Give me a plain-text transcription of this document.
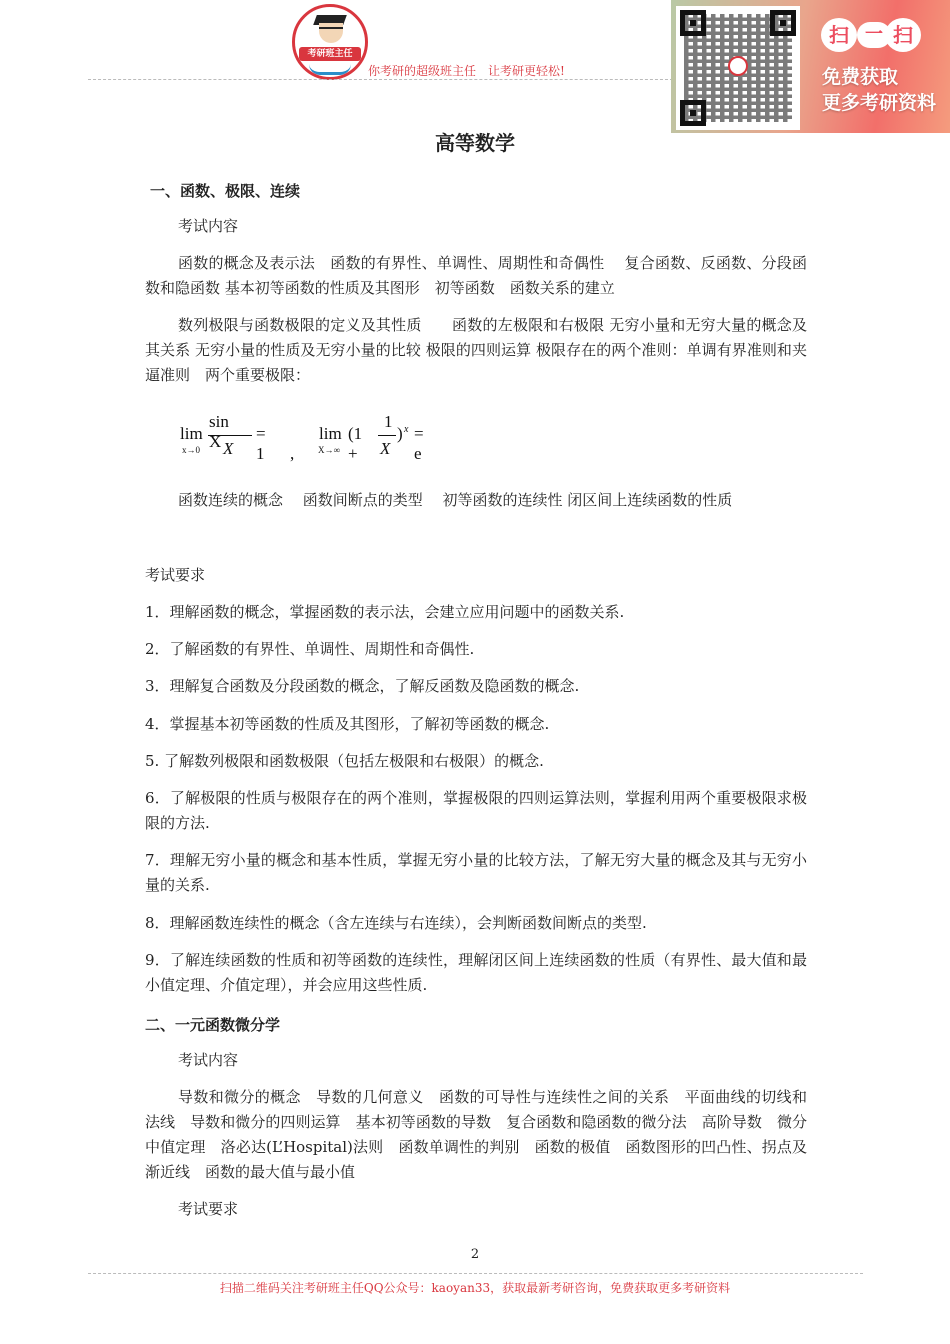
考研班主任
你考研的超级班主任　让考研更轻松!
扫 一 扫
免费获取
更多考研资料
高等数学
一、函数、极限、连续
考试内容
函数的概念及表示法　函数的有界性、单调性、周期性和奇偶性　 复合函数、反函数、分段函数和隐函数 基本初等函数的性质及其图形　初等函数　函数关系的建立
数列极限与函数极限的定义及其性质　　函数的左极限和右极限 无穷小量和无穷大量的概念及其关系 无穷小量的性质及无穷小量的比较 极限的四则运算 极限存在的两个准则：单调有界准则和夹逼准则　两个重要极限：
lim
x→0
sin X X
= 1 ,
lim
X→∞
(1 +
1
X
) x = e
函数连续的概念　 函数间断点的类型　 初等函数的连续性 闭区间上连续函数的性质
考试要求
1．理解函数的概念，掌握函数的表示法，会建立应用问题中的函数关系.
2．了解函数的有界性、单调性、周期性和奇偶性.
3．理解复合函数及分段函数的概念，了解反函数及隐函数的概念.
4．掌握基本初等函数的性质及其图形，了解初等函数的概念.
5. 了解数列极限和函数极限（包括左极限和右极限）的概念.
6．了解极限的性质与极限存在的两个准则，掌握极限的四则运算法则，掌握利用两个重要极限求极限的方法.
7．理解无穷小量的概念和基本性质，掌握无穷小量的比较方法，了解无穷大量的概念及其与无穷小量的关系.
8．理解函数连续性的概念（含左连续与右连续），会判断函数间断点的类型.
9．了解连续函数的性质和初等函数的连续性，理解闭区间上连续函数的性质（有界性、最大值和最小值定理、介值定理），并会应用这些性质.
二、一元函数微分学
考试内容
导数和微分的概念　导数的几何意义　函数的可导性与连续性之间的关系　平面曲线的切线和法线　导数和微分的四则运算　基本初等函数的导数　复合函数和隐函数的微分法　高阶导数　微分中值定理　洛必达(L’Hospital)法则　函数单调性的判别　函数的极值　函数图形的凹凸性、拐点及渐近线　函数的最大值与最小值
考试要求
2
扫描二维码关注考研班主任QQ公众号：kaoyan33，获取最新考研咨询，免费获取更多考研资料
